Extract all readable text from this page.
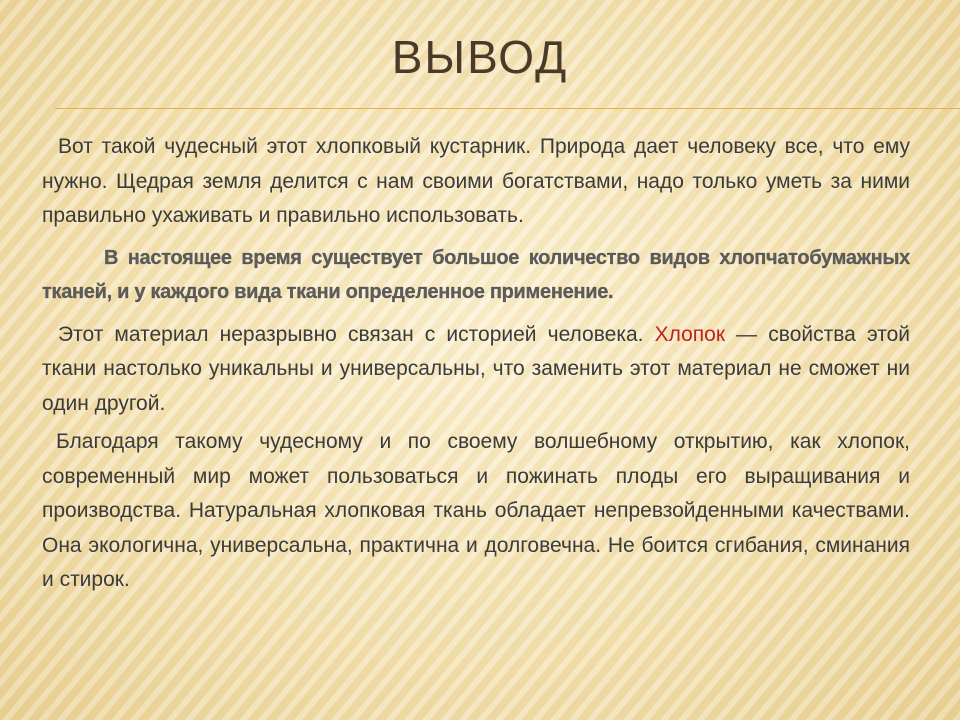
ВЫВОД

Вот такой чудесный этот хлопковый кустарник. Природа дает человеку все, что ему нужно. Щедрая земля делится с нам своими богатствами, надо только уметь за ними правильно ухаживать и правильно использовать.

В настоящее время существует большое количество видов хлопчатобумажных тканей, и у каждого вида ткани определенное применение.

Этот материал неразрывно связан с историей человека. Хлопок — свойства этой ткани настолько уникальны и универсальны, что заменить этот материал не сможет ни один другой.

Благодаря такому чудесному и по своему волшебному открытию, как хлопок, современный мир может пользоваться и пожинать плоды его выращивания и производства. Натуральная хлопковая ткань обладает непревзойденными качествами. Она экологична, универсальна, практична и долговечна. Не боится сгибания, сминания и стирок.
